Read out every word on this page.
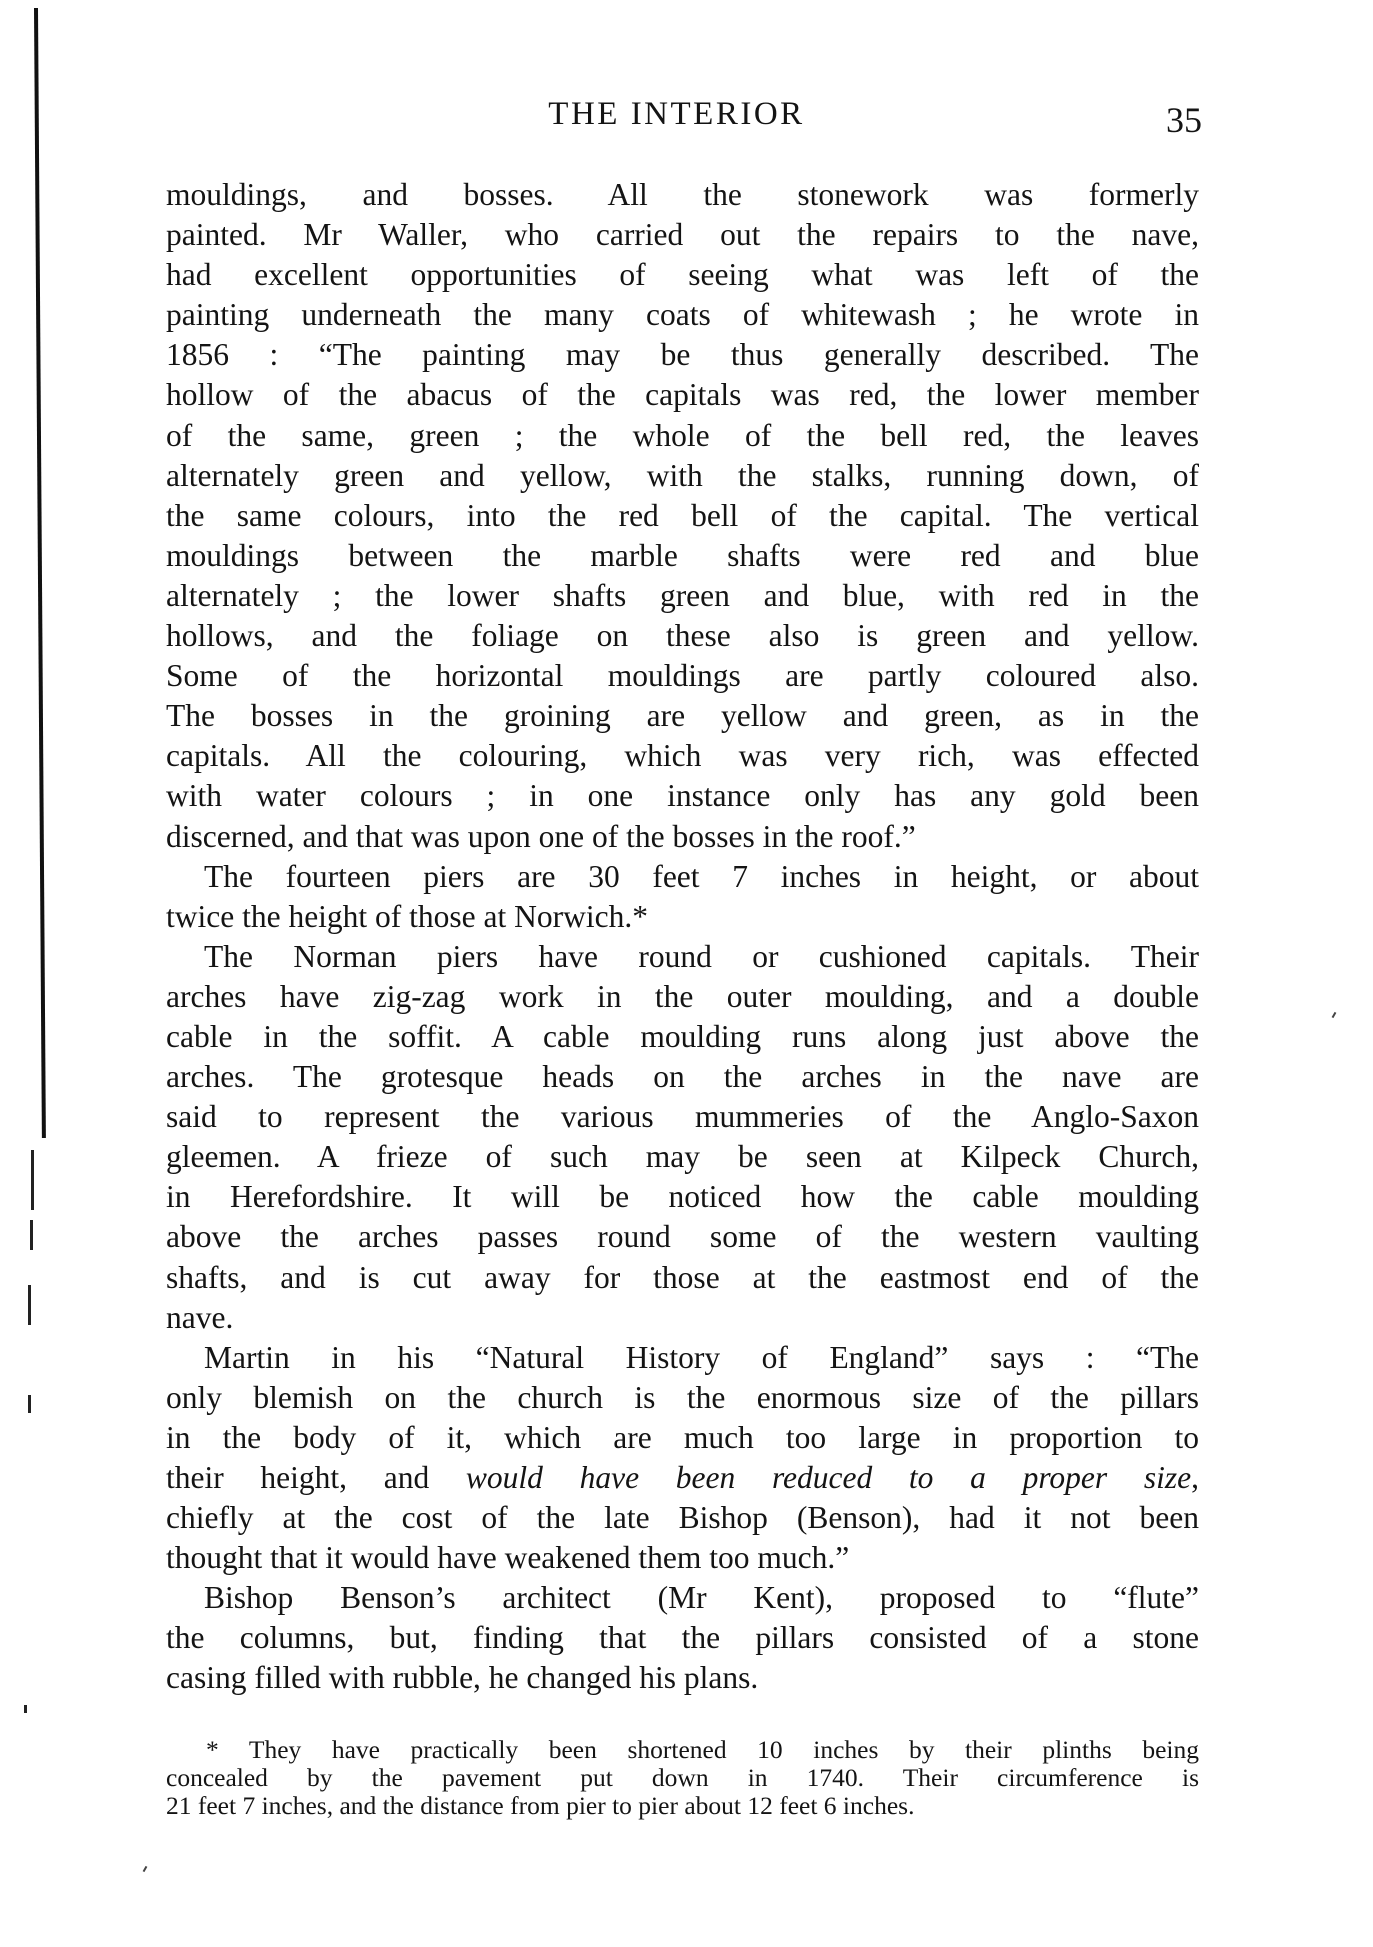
THE INTERIOR	35
mouldings, and bosses. All the stonework was formerly
painted. Mr Waller, who carried out the repairs to the nave,
had excellent opportunities of seeing what was left of the
painting underneath the many coats of whitewash ; he wrote in
1856 : “The painting may be thus generally described. The
hollow of the abacus of the capitals was red, the lower member
of the same, green ; the whole of the bell red, the leaves
alternately green and yellow, with the stalks, running down, of
the same colours, into the red bell of the capital. The vertical
mouldings between the marble shafts were red and blue
alternately ; the lower shafts green and blue, with red in the
hollows, and the foliage on these also is green and yellow.
Some of the horizontal mouldings are partly coloured also.
The bosses in the groining are yellow and green, as in the
capitals. All the colouring, which was very rich, was effected
with water colours ; in one instance only has any gold been
discerned, and that was upon one of the bosses in the roof.”
The fourteen piers are 30 feet 7 inches in height, or about
twice the height of those at Norwich.*
The Norman piers have round or cushioned capitals. Their
arches have zig-zag work in the outer moulding, and a double
cable in the soffit. A cable moulding runs along just above the
arches. The grotesque heads on the arches in the nave are
said to represent the various mummeries of the Anglo-Saxon
gleemen. A frieze of such may be seen at Kilpeck Church,
in Herefordshire. It will be noticed how the cable moulding
above the arches passes round some of the western vaulting
shafts, and is cut away for those at the eastmost end of the
nave.
Martin in his “Natural History of England” says : “The
only blemish on the church is the enormous size of the pillars
in the body of it, which are much too large in proportion to
their height, and would have been reduced to a proper size,
chiefly at the cost of the late Bishop (Benson), had it not been
thought that it would have weakened them too much.”
Bishop Benson’s architect (Mr Kent), proposed to “flute”
the columns, but, finding that the pillars consisted of a stone
casing filled with rubble, he changed his plans.
* They have practically been shortened 10 inches by their plinths being
concealed by the pavement put down in 1740. Their circumference is
21 feet 7 inches, and the distance from pier to pier about 12 feet 6 inches.
